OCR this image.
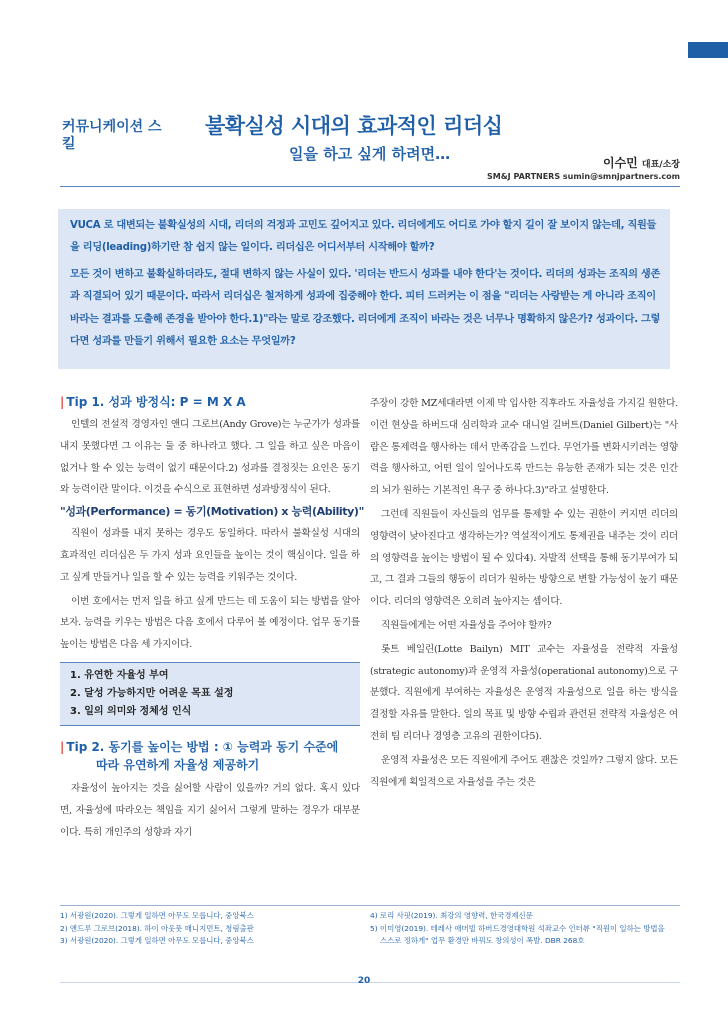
커뮤니케이션 스킬
불확실성 시대의 효과적인 리더십
일을 하고 싶게 하려면…	이수민 대표/소장
SM&J PARTNERS sumin@smnjpartners.com

VUCA 로 대변되는 불확실성의 시대, 리더의 걱정과 고민도 깊어지고 있다. 리더에게도 어디로 가야 할지 길이 잘 보이지 않는데, 직원들을 리딩(leading)하기란 참 쉽지 않는 일이다. 리더십은 어디서부터 시작해야 할까?

모든 것이 변하고 불확실하더라도, 절대 변하지 않는 사실이 있다. '리더는 반드시 성과를 내야 한다'는 것이다. 리더의 성과는 조직의 생존과 직결되어 있기 때문이다. 따라서 리더십은 철저하게 성과에 집중해야 한다. 피터 드러커는 이 점을 "리더는 사랑받는 게 아니라 조직이 바라는 결과를 도출해 존경을 받아야 한다.1)"라는 말로 강조했다. 리더에게 조직이 바라는 것은 너무나 명확하지 않은가? 성과이다. 그렇다면 성과를 만들기 위해서 필요한 요소는 무엇일까?

| Tip 1. 성과 방정식: P = M X A

인텔의 전설적 경영자인 앤디 그로브(Andy Grove)는 누군가가 성과를 내지 못했다면 그 이유는 둘 중 하나라고 했다. 그 일을 하고 싶은 마음이 없거나 할 수 있는 능력이 없기 때문이다.2) 성과를 결정짓는 요인은 동기와 능력이란 말이다. 이것을 수식으로 표현하면 성과방정식이 된다.

"성과(Performance) = 동기(Motivation) x 능력(Ability)"

직원이 성과를 내지 못하는 경우도 동일하다. 따라서 불확실성 시대의 효과적인 리더십은 두 가지 성과 요인들을 높이는 것이 핵심이다. 일을 하고 싶게 만들거나 일을 할 수 있는 능력을 키워주는 것이다.

이번 호에서는 먼저 일을 하고 싶게 만드는 데 도움이 되는 방법을 알아보자. 능력을 키우는 방법은 다음 호에서 다루어 볼 예정이다. 업무 동기를 높이는 방법은 다음 세 가지이다.

1. 유연한 자율성 부여
2. 달성 가능하지만 어려운 목표 설정
3. 일의 의미와 정체성 인식
| Tip 2. 동기를 높이는 방법 : ① 능력과 동기 수준에
따라 유연하게 자율성 제공하기

자율성이 높아지는 것을 싫어할 사람이 있을까? 거의 없다. 혹시 있다면, 자율성에 따라오는 책임을 지기 싫어서 그렇게 말하는 경우가 대부분이다. 특히 개인주의 성향과 자기

주장이 강한 MZ세대라면 이제 막 입사한 직후라도 자율성을 가지길 원한다. 이런 현상을 하버드대 심리학과 교수 대니얼 길버트(Daniel Gilbert)는 "사람은 통제력을 행사하는 데서 만족감을 느낀다. 무언가를 변화시키려는 영향력을 행사하고, 어떤 일이 일어나도록 만드는 유능한 존재가 되는 것은 인간의 뇌가 원하는 기본적인 욕구 중 하나다.3)"라고 설명한다.

그런데 직원들이 자신들의 업무를 통제할 수 있는 권한이 커지면 리더의 영향력이 낮아진다고 생각하는가? 역설적이게도 통제권을 내주는 것이 리더의 영향력을 높이는 방법이 될 수 있다4). 자발적 선택을 통해 동기부여가 되고, 그 결과 그들의 행동이 리더가 원하는 방향으로 변할 가능성이 높기 때문이다. 리더의 영향력은 오히려 높아지는 셈이다.

직원들에게는 어떤 자율성을 주어야 할까?

롯트 베일린(Lotte Bailyn) MIT 교수는 자율성을 전략적 자율성(strategic autonomy)과 운영적 자율성(operational autonomy)으로 구분했다. 직원에게 부여하는 자율성은 운영적 자율성으로 일을 하는 방식을 결정할 자유를 말한다. 일의 목표 및 방향 수립과 관련된 전략적 자율성은 여전히 팀 리더나 경영층 고유의 권한이다5).

운영적 자율성은 모든 직원에게 주어도 괜찮은 것일까? 그렇지 않다. 모든 직원에게 획일적으로 자율성을 주는 것은

1) 서광원(2020). 그렇게 일하면 아무도 모릅니다, 중앙북스
2) 앤드루 그로브(2018). 하이 아웃풋 매니지먼트, 청림출판
3) 서광원(2020). 그렇게 일하면 아무도 모릅니다, 중앙북스
4) 로리 사핏(2019). 최강의 영향력, 한국경제신문
5) 이미영(2019). 테레사 애머빌 하버드경영대학원 석좌교수 인터뷰 "직원이 일하는 방법을
스스로 정하게" 업무 환경만 바꿔도 창의성이 폭발. DBR 268호
20
